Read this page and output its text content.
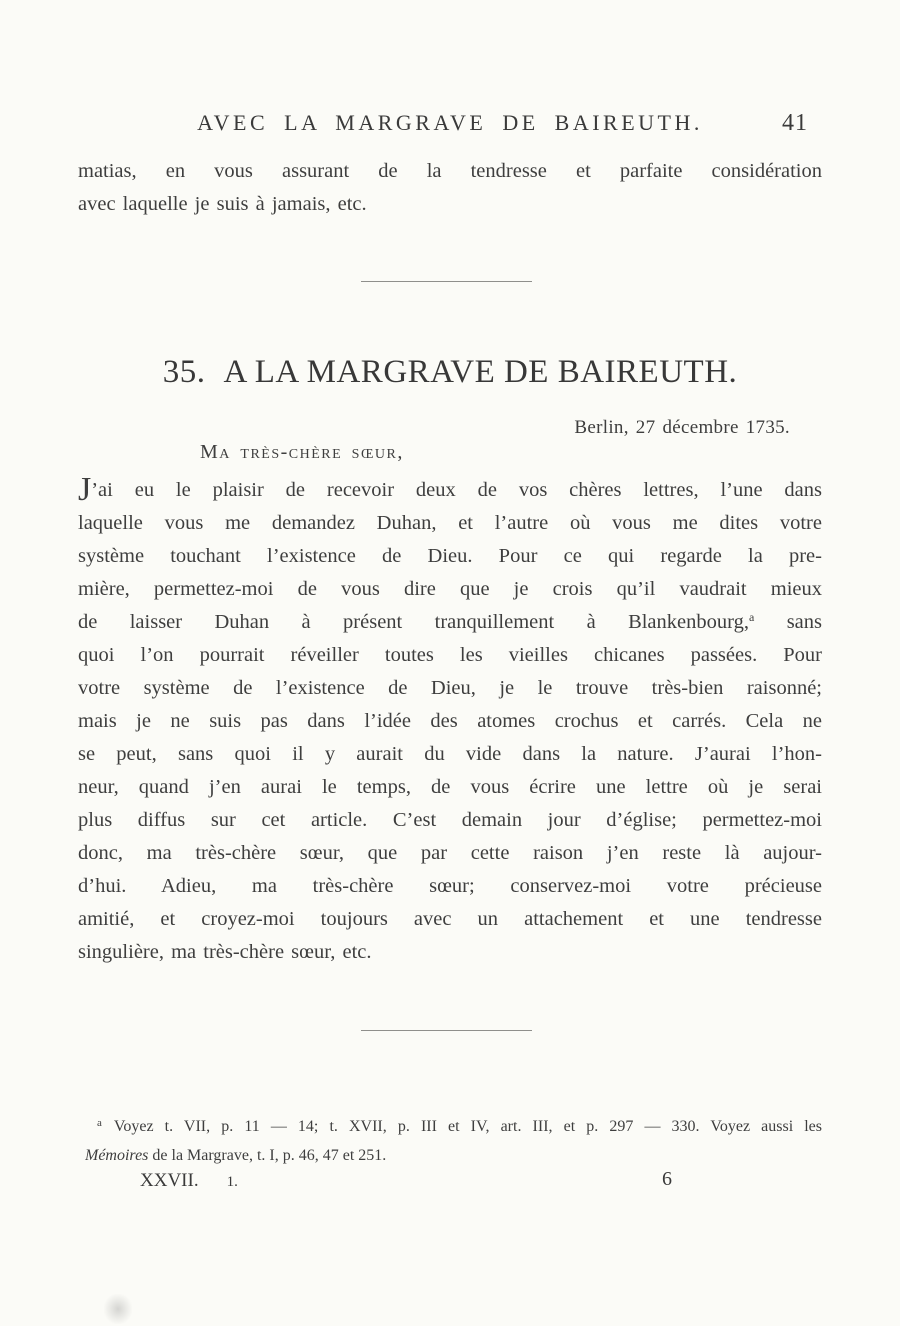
AVEC LA MARGRAVE DE BAIREUTH.	41
matias, en vous assurant de la tendresse et parfaite considération
avec laquelle je suis à jamais, etc.
35. A LA MARGRAVE DE BAIREUTH.
Berlin, 27 décembre 1735.
Ma très-chère sœur,
J’ai eu le plaisir de recevoir deux de vos chères lettres, l’une dans
laquelle vous me demandez Duhan, et l’autre où vous me dites votre
système touchant l’existence de Dieu. Pour ce qui regarde la pre-
mière, permettez-moi de vous dire que je crois qu’il vaudrait mieux
de laisser Duhan à présent tranquillement à Blankenbourg,$^a$ sans
quoi l’on pourrait réveiller toutes les vieilles chicanes passées. Pour
votre système de l’existence de Dieu, je le trouve très-bien raisonné;
mais je ne suis pas dans l’idée des atomes crochus et carrés. Cela ne
se peut, sans quoi il y aurait du vide dans la nature. J’aurai l’hon-
neur, quand j’en aurai le temps, de vous écrire une lettre où je serai
plus diffus sur cet article. C’est demain jour d’église; permettez-moi
donc, ma très-chère sœur, que par cette raison j’en reste là aujour-
d’hui. Adieu, ma très-chère sœur; conservez-moi votre précieuse
amitié, et croyez-moi toujours avec un attachement et une tendresse
singulière, ma très-chère sœur, etc.
$^a$ Voyez t. VII, p. 11 — 14; t. XVII, p. III et IV, art. III, et p. 297 — 330. Voyez aussi les
Mémoires de la Margrave, t. I, p. 46, 47 et 251.
XXVII. 1.	6
